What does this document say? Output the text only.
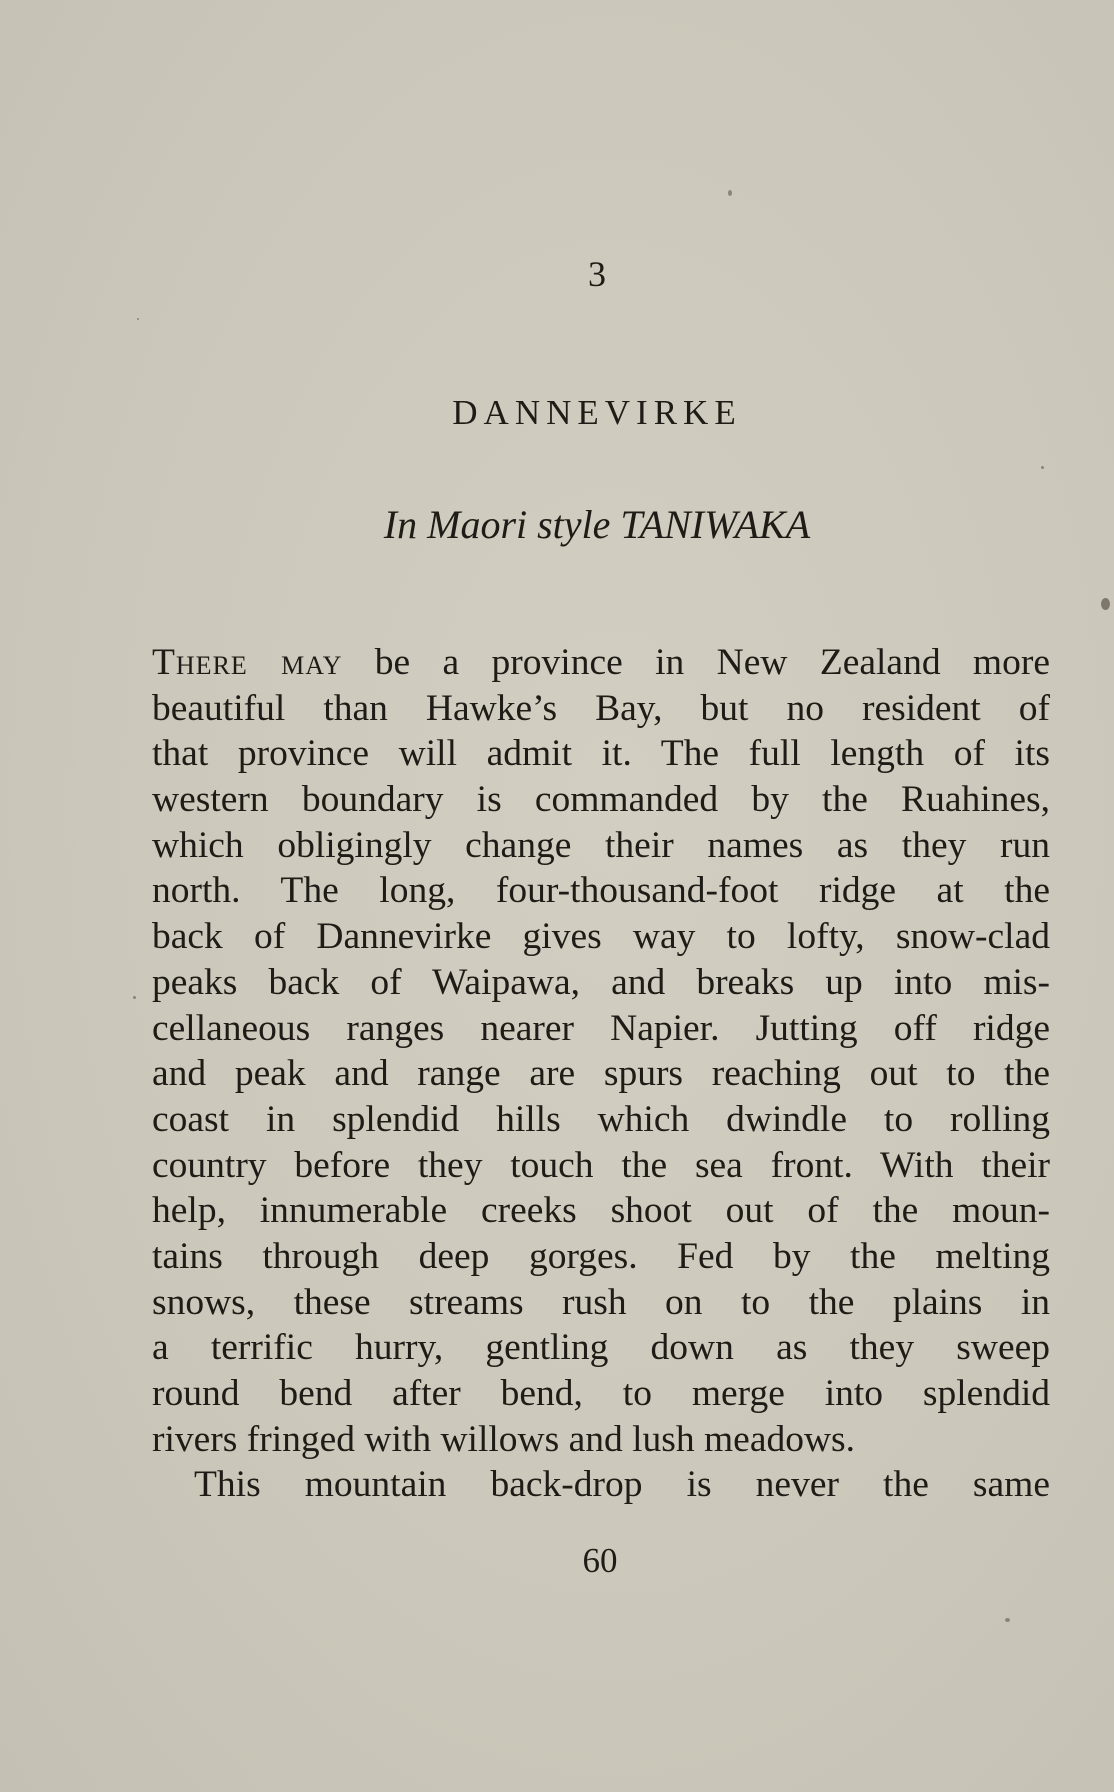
3
DANNEVIRKE
In Maori style TANIWAKA
There may be a province in New Zealand more
beautiful than Hawke’s Bay, but no resident of
that province will admit it. The full length of its
western boundary is commanded by the Ruahines,
which obligingly change their names as they run
north. The long, four-thousand-foot ridge at the
back of Dannevirke gives way to lofty, snow-clad
peaks back of Waipawa, and breaks up into mis-
cellaneous ranges nearer Napier. Jutting off ridge
and peak and range are spurs reaching out to the
coast in splendid hills which dwindle to rolling
country before they touch the sea front. With their
help, innumerable creeks shoot out of the moun-
tains through deep gorges. Fed by the melting
snows, these streams rush on to the plains in
a terrific hurry, gentling down as they sweep
round bend after bend, to merge into splendid
rivers fringed with willows and lush meadows.
This mountain back-drop is never the same
60
